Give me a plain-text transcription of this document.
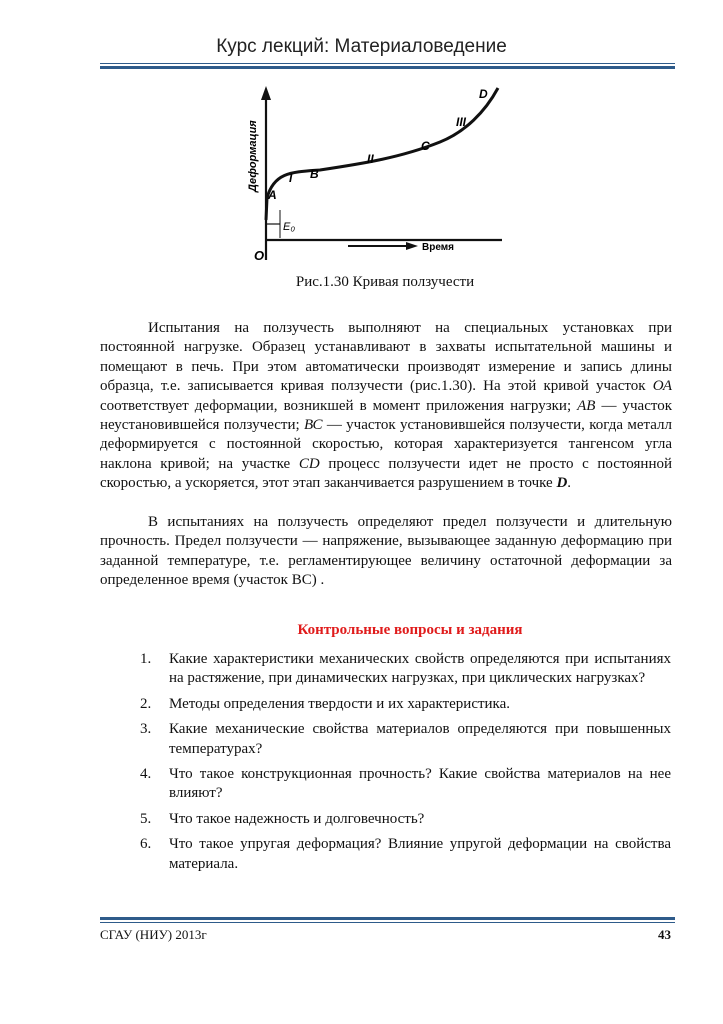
Курс лекций: Материаловедение
Деформация
Время
O
E₀
A
B
C
D
I
II
III
Рис.1.30 Кривая ползучести

Испытания на ползучесть выполняют на специальных установках при постоянной нагрузке. Образец устанавливают в захваты испытательной машины и помещают в печь. При этом автоматически производят измерение и запись длины образца, т.е. записывается кривая ползучести (рис.1.30). На этой кривой участок ОА соответствует деформации, возникшей в момент приложения нагрузки; АВ — участок неустановившейся ползучести; ВС — участок установившейся ползучести, когда металл деформируется с постоянной скоростью, которая характеризуется тангенсом угла наклона кривой; на участке CD процесс ползучести идет не просто с постоянной скоростью, а ускоряется, этот этап заканчивается разрушением в точке D.

В испытаниях на ползучесть определяют предел ползучести и длительную прочность. Предел ползучести — напряжение, вызывающее заданную деформацию при заданной температуре, т.е. регламентирующее величину остаточной деформации за определенное время (участок ВС) .

Контрольные вопросы и задания
1. Какие характеристики механических свойств определяются при испытаниях на растяжение, при динамических нагрузках, при циклических нагрузках?
2. Методы определения твердости и их характеристика.
3. Какие механические свойства материалов определяются при повышенных температурах?
4. Что такое конструкционная прочность? Какие свойства материалов на нее влияют?
5. Что такое надежность и долговечность?
6. Что такое упругая деформация? Влияние упругой деформации на свойства материала.
СГАУ (НИУ) 2013г	43
